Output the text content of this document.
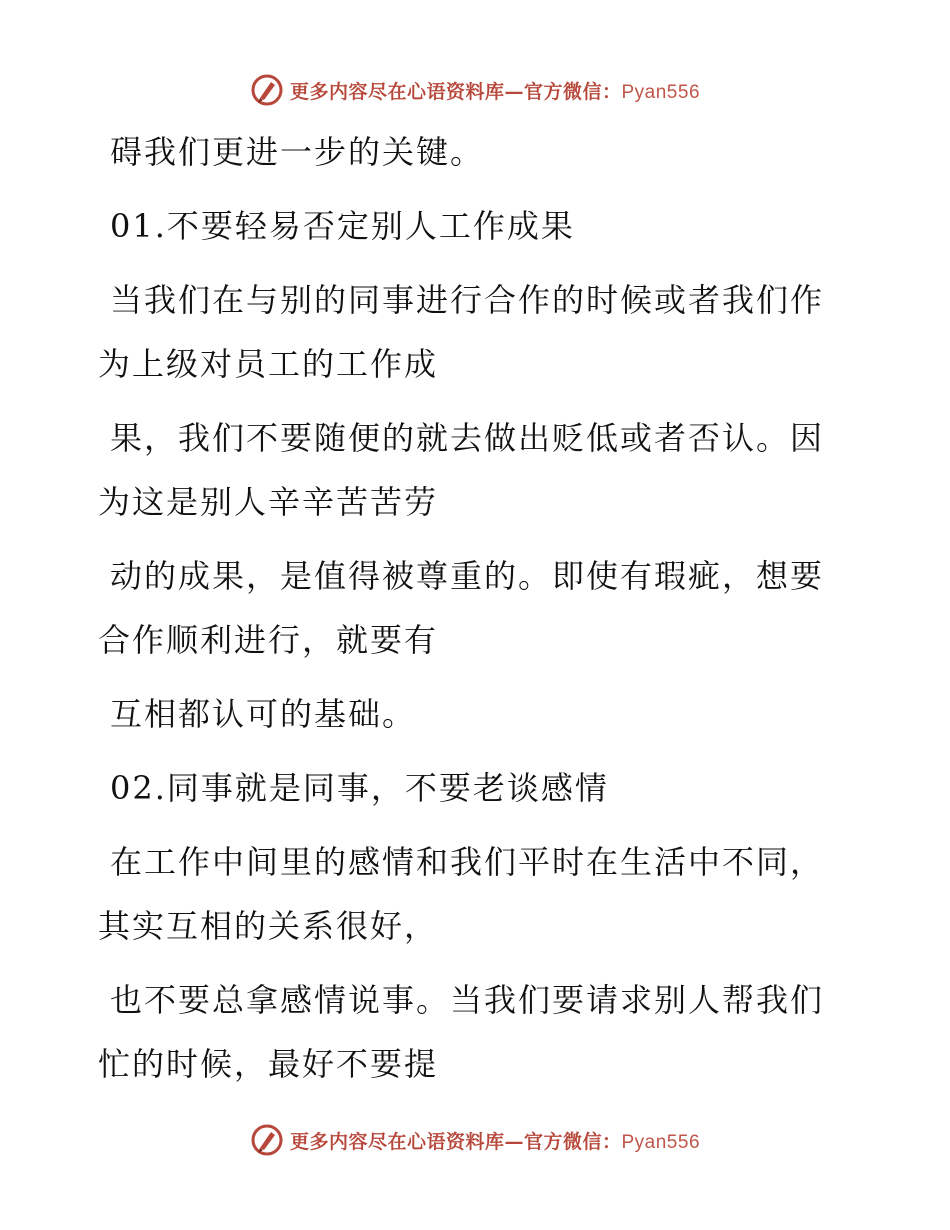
更多内容尽在心语资料库—官方微信：Pyan556

碍我们更进一步的关键。

01.不要轻易否定别人工作成果

当我们在与别的同事进行合作的时候或者我们作为上级对员工的工作成

果，我们不要随便的就去做出贬低或者否认。因为这是别人辛辛苦苦劳

动的成果，是值得被尊重的。即使有瑕疵，想要合作顺利进行，就要有

互相都认可的基础。

02.同事就是同事，不要老谈感情

在工作中间里的感情和我们平时在生活中不同，其实互相的关系很好，

也不要总拿感情说事。当我们要请求别人帮我们忙的时候，最好不要提

更多内容尽在心语资料库—官方微信：Pyan556
